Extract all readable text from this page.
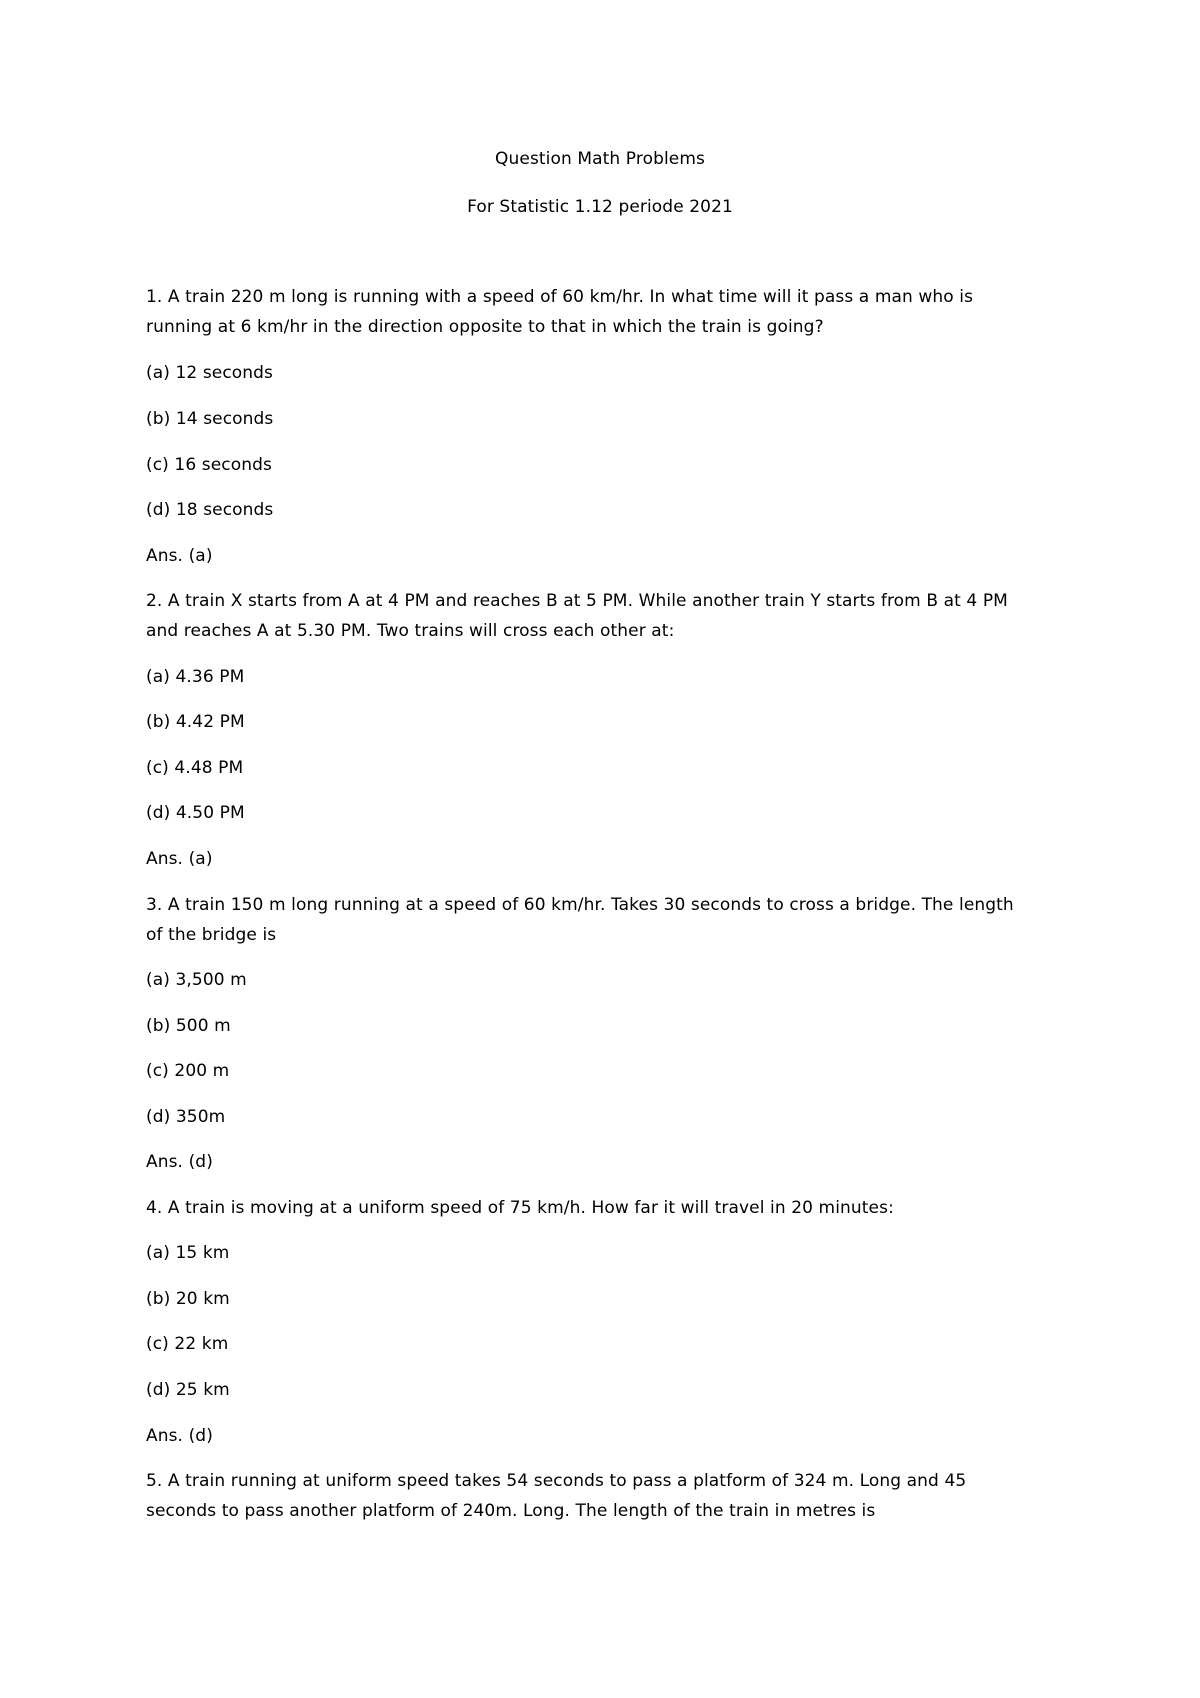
Question Math Problems
For Statistic 1.12 periode 2021
1. A train 220 m long is running with a speed of 60 km/hr. In what time will it pass a man who is
running at 6 km/hr in the direction opposite to that in which the train is going?
(a) 12 seconds
(b) 14 seconds
(c) 16 seconds
(d) 18 seconds
Ans. (a)
2. A train X starts from A at 4 PM and reaches B at 5 PM. While another train Y starts from B at 4 PM
and reaches A at 5.30 PM. Two trains will cross each other at:
(a) 4.36 PM
(b) 4.42 PM
(c) 4.48 PM
(d) 4.50 PM
Ans. (a)
3. A train 150 m long running at a speed of 60 km/hr. Takes 30 seconds to cross a bridge. The length
of the bridge is
(a) 3,500 m
(b) 500 m
(c) 200 m
(d) 350m
Ans. (d)
4. A train is moving at a uniform speed of 75 km/h. How far it will travel in 20 minutes:
(a) 15 km
(b) 20 km
(c) 22 km
(d) 25 km
Ans. (d)
5. A train running at uniform speed takes 54 seconds to pass a platform of 324 m. Long and 45
seconds to pass another platform of 240m. Long. The length of the train in metres is
